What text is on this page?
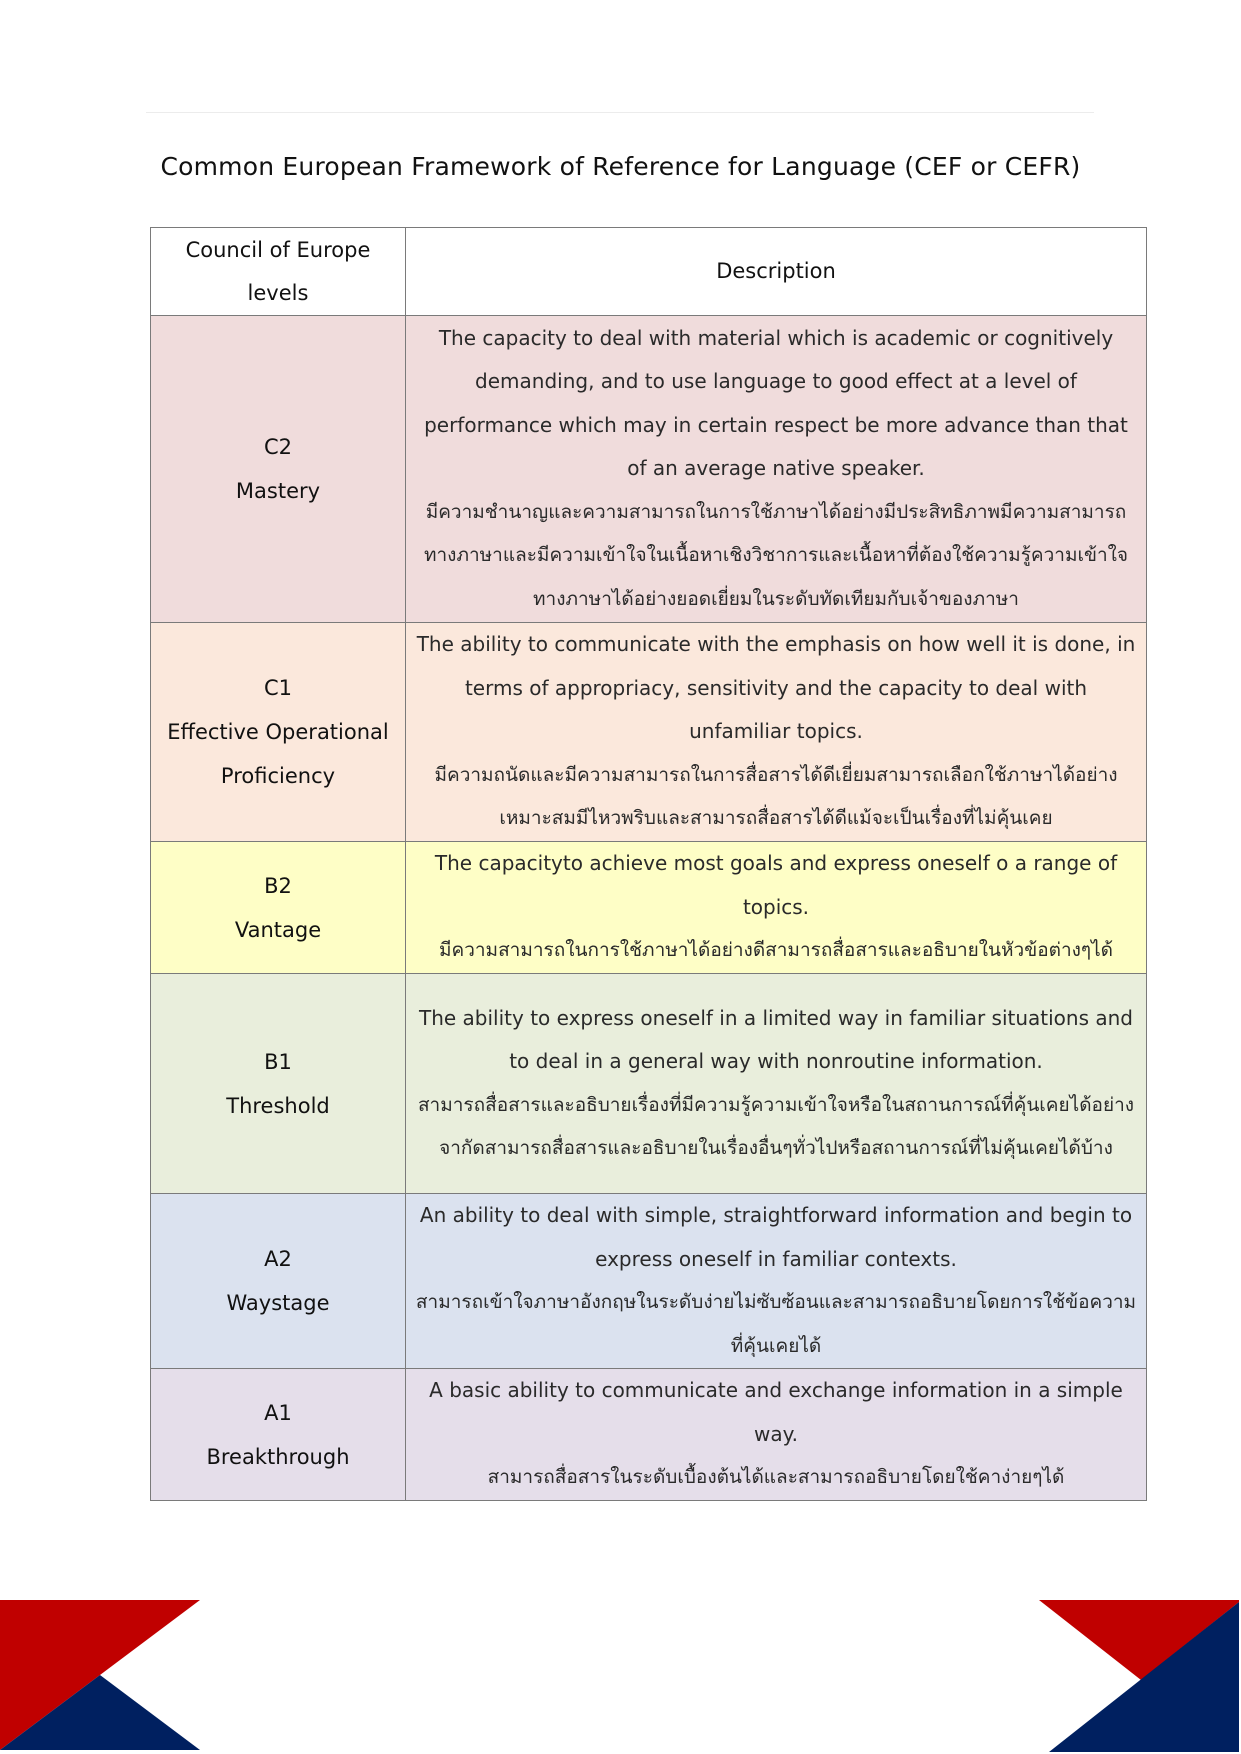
Common European Framework of Reference for Language (CEF or CEFR)
Council of Europe levels	Description

C2
Mastery	The capacity to deal with material which is academic or cognitively demanding, and to use language to good effect at a level of performance which may in certain respect be more advance than that of an average native speaker.
มีความชำนาญและความสามารถในการใช้ภาษาได้อย่างมีประสิทธิภาพมีความสามารถทางภาษาและมีความเข้าใจในเนื้อหาเชิงวิชาการและเนื้อหาที่ต้องใช้ความรู้ความเข้าใจทางภาษาได้อย่างยอดเยี่ยมในระดับทัดเทียมกับเจ้าของภาษา

C1
Effective Operational Proficiency	The ability to communicate with the emphasis on how well it is done, in terms of appropriacy, sensitivity and the capacity to deal with unfamiliar topics.
มีความถนัดและมีความสามารถในการสื่อสารได้ดีเยี่ยมสามารถเลือกใช้ภาษาได้อย่างเหมาะสมมีไหวพริบและสามารถสื่อสารได้ดีแม้จะเป็นเรื่องที่ไม่คุ้นเคย

B2
Vantage	The capacityto achieve most goals and express oneself o a range of topics.
มีความสามารถในการใช้ภาษาได้อย่างดีสามารถสื่อสารและอธิบายในหัวข้อต่างๆได้

B1
Threshold	The ability to express oneself in a limited way in familiar situations and to deal in a general way with nonroutine information.
สามารถสื่อสารและอธิบายเรื่องที่มีความรู้ความเข้าใจหรือในสถานการณ์ที่คุ้นเคยได้อย่างจากัดสามารถสื่อสารและอธิบายในเรื่องอื่นๆทั่วไปหรือสถานการณ์ที่ไม่คุ้นเคยได้บ้าง

A2
Waystage	An ability to deal with simple, straightforward information and begin to express oneself in familiar contexts.
สามารถเข้าใจภาษาอังกฤษในระดับง่ายไม่ซับซ้อนและสามารถอธิบายโดยการใช้ข้อความที่คุ้นเคยได้

A1
Breakthrough	A basic ability to communicate and exchange information in a simple way.
สามารถสื่อสารในระดับเบื้องต้นได้และสามารถอธิบายโดยใช้คาง่ายๆได้
